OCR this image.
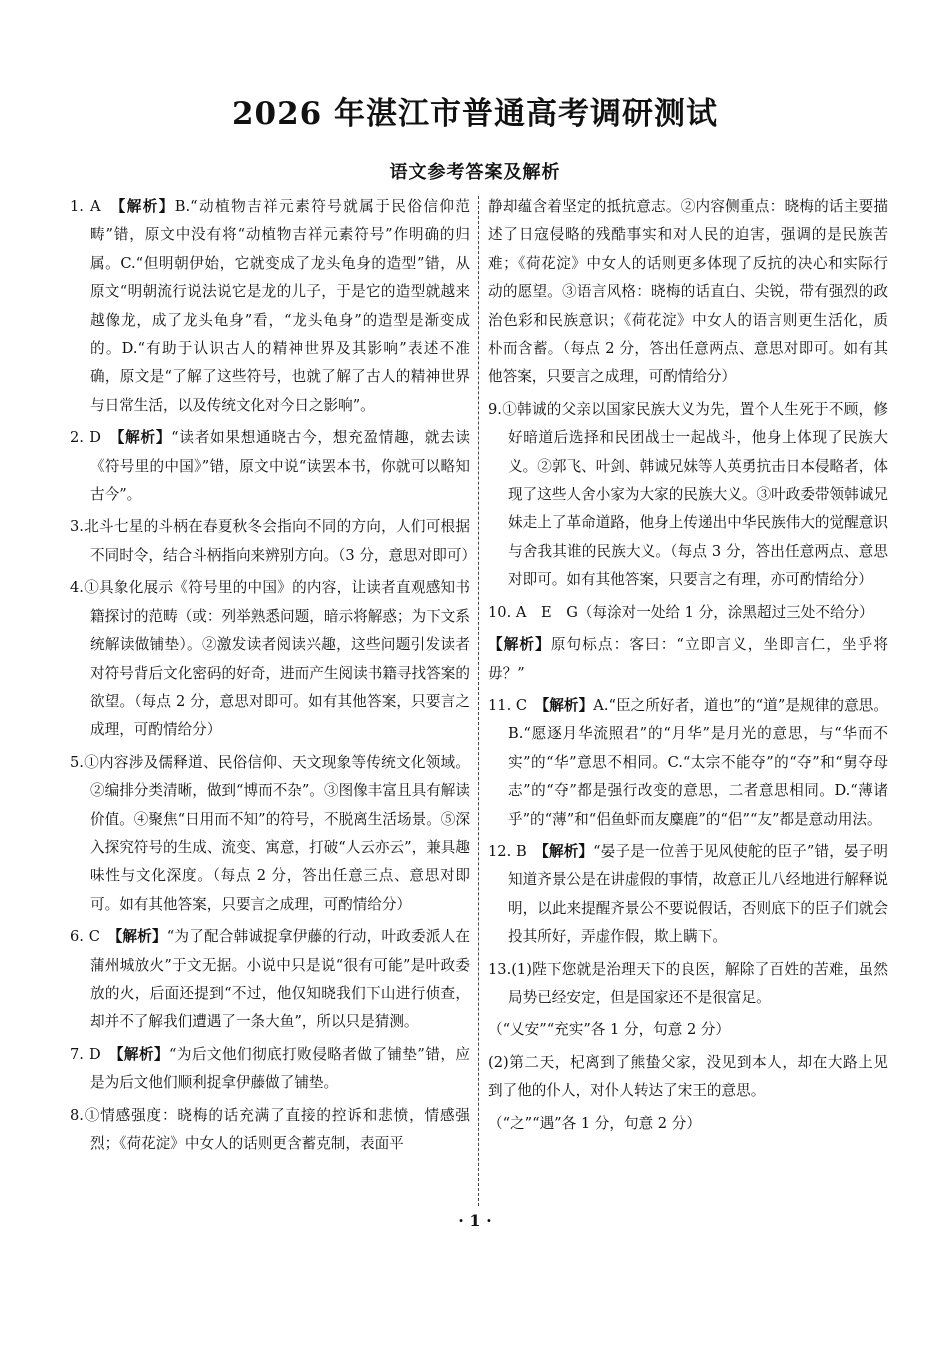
2026 年湛江市普通高考调研测试
语文参考答案及解析

1. A　 【解析】B.“动植物吉祥元素符号就属于民俗信仰范畴”错，原文中没有将“动植物吉祥元素符号”作明确的归属。C.“但明朝伊始，它就变成了龙头龟身的造型”错，从原文“明朝流行说法说它是龙的儿子，于是它的造型就越来越像龙，成了龙头龟身”看，“龙头龟身”的造型是渐变成的。D.“有助于认识古人的精神世界及其影响”表述不准确，原文是“了解了这些符号，也就了解了古人的精神世界与日常生活，以及传统文化对今日之影响”。

2. D　 【解析】“读者如果想通晓古今，想充盈情趣，就去读《符号里的中国》”错，原文中说“读罢本书，你就可以略知古今”。

3.北斗七星的斗柄在春夏秋冬会指向不同的方向，人们可根据不同时令，结合斗柄指向来辨别方向。（3 分，意思对即可）

4.①具象化展示《符号里的中国》的内容，让读者直观感知书籍探讨的范畴（或：列举熟悉问题，暗示将解惑；为下文系统解读做铺垫）。②激发读者阅读兴趣，这些问题引发读者对符号背后文化密码的好奇，进而产生阅读书籍寻找答案的欲望。（每点 2 分，意思对即可。如有其他答案，只要言之成理，可酌情给分）

5.①内容涉及儒释道、民俗信仰、天文现象等传统文化领域。②编排分类清晰，做到“博而不杂”。③图像丰富且具有解读价值。④聚焦“日用而不知”的符号，不脱离生活场景。⑤深入探究符号的生成、流变、寓意，打破“人云亦云”，兼具趣味性与文化深度。（每点 2 分，答出任意三点、意思对即可。如有其他答案，只要言之成理，可酌情给分）

6. C　 【解析】“为了配合韩诚捉拿伊藤的行动，叶政委派人在蒲州城放火”于文无据。小说中只是说“很有可能”是叶政委放的火，后面还提到“不过，他仅知晓我们下山进行侦查，却并不了解我们遭遇了一条大鱼”，所以只是猜测。

7. D　 【解析】“为后文他们彻底打败侵略者做了铺垫”错，应是为后文他们顺利捉拿伊藤做了铺垫。

8.①情感强度：晓梅的话充满了直接的控诉和悲愤，情感强烈；《荷花淀》中女人的话则更含蓄克制，表面平

静却蕴含着坚定的抵抗意志。②内容侧重点：晓梅的话主要描述了日寇侵略的残酷事实和对人民的迫害，强调的是民族苦难；《荷花淀》中女人的话则更多体现了反抗的决心和实际行动的愿望。③语言风格：晓梅的话直白、尖锐，带有强烈的政治色彩和民族意识；《荷花淀》中女人的语言则更生活化，质朴而含蓄。（每点 2 分，答出任意两点、意思对即可。如有其他答案，只要言之成理，可酌情给分）

9.①韩诚的父亲以国家民族大义为先，置个人生死于不顾，修好暗道后选择和民团战士一起战斗，他身上体现了民族大义。②郭飞、叶剑、韩诚兄妹等人英勇抗击日本侵略者，体现了这些人舍小家为大家的民族大义。③叶政委带领韩诚兄妹走上了革命道路，他身上传递出中华民族伟大的觉醒意识与舍我其谁的民族大义。（每点 3 分，答出任意两点、意思对即可。如有其他答案，只要言之有理，亦可酌情给分）

10. A　E　G（每涂对一处给 1 分，涂黑超过三处不给分）

【解析】原句标点：客曰：“立即言义，坐即言仁，坐乎将毋？”

11. C　 【解析】A.“臣之所好者，道也”的“道”是规律的意思。B.“愿逐月华流照君”的“月华”是月光的意思，与“华而不实”的“华”意思不相同。C.“太宗不能夺”的“夺”和“舅夺母志”的“夺”都是强行改变的意思，二者意思相同。D.“薄诸乎”的“薄”和“侣鱼虾而友麋鹿”的“侣”“友”都是意动用法。

12. B　 【解析】“晏子是一位善于见风使舵的臣子”错，晏子明知道齐景公是在讲虚假的事情，故意正儿八经地进行解释说明，以此来提醒齐景公不要说假话，否则底下的臣子们就会投其所好，弄虚作假，欺上瞒下。

13.(1)陛下您就是治理天下的良医，解除了百姓的苦难，虽然局势已经安定，但是国家还不是很富足。

（“乂安”“充实”各 1 分，句意 2 分）

(2)第二天，杞离到了熊蛰父家，没见到本人，却在大路上见到了他的仆人，对仆人转达了宋王的意思。

（“之”“遇”各 1 分，句意 2 分）

· 1 ·
